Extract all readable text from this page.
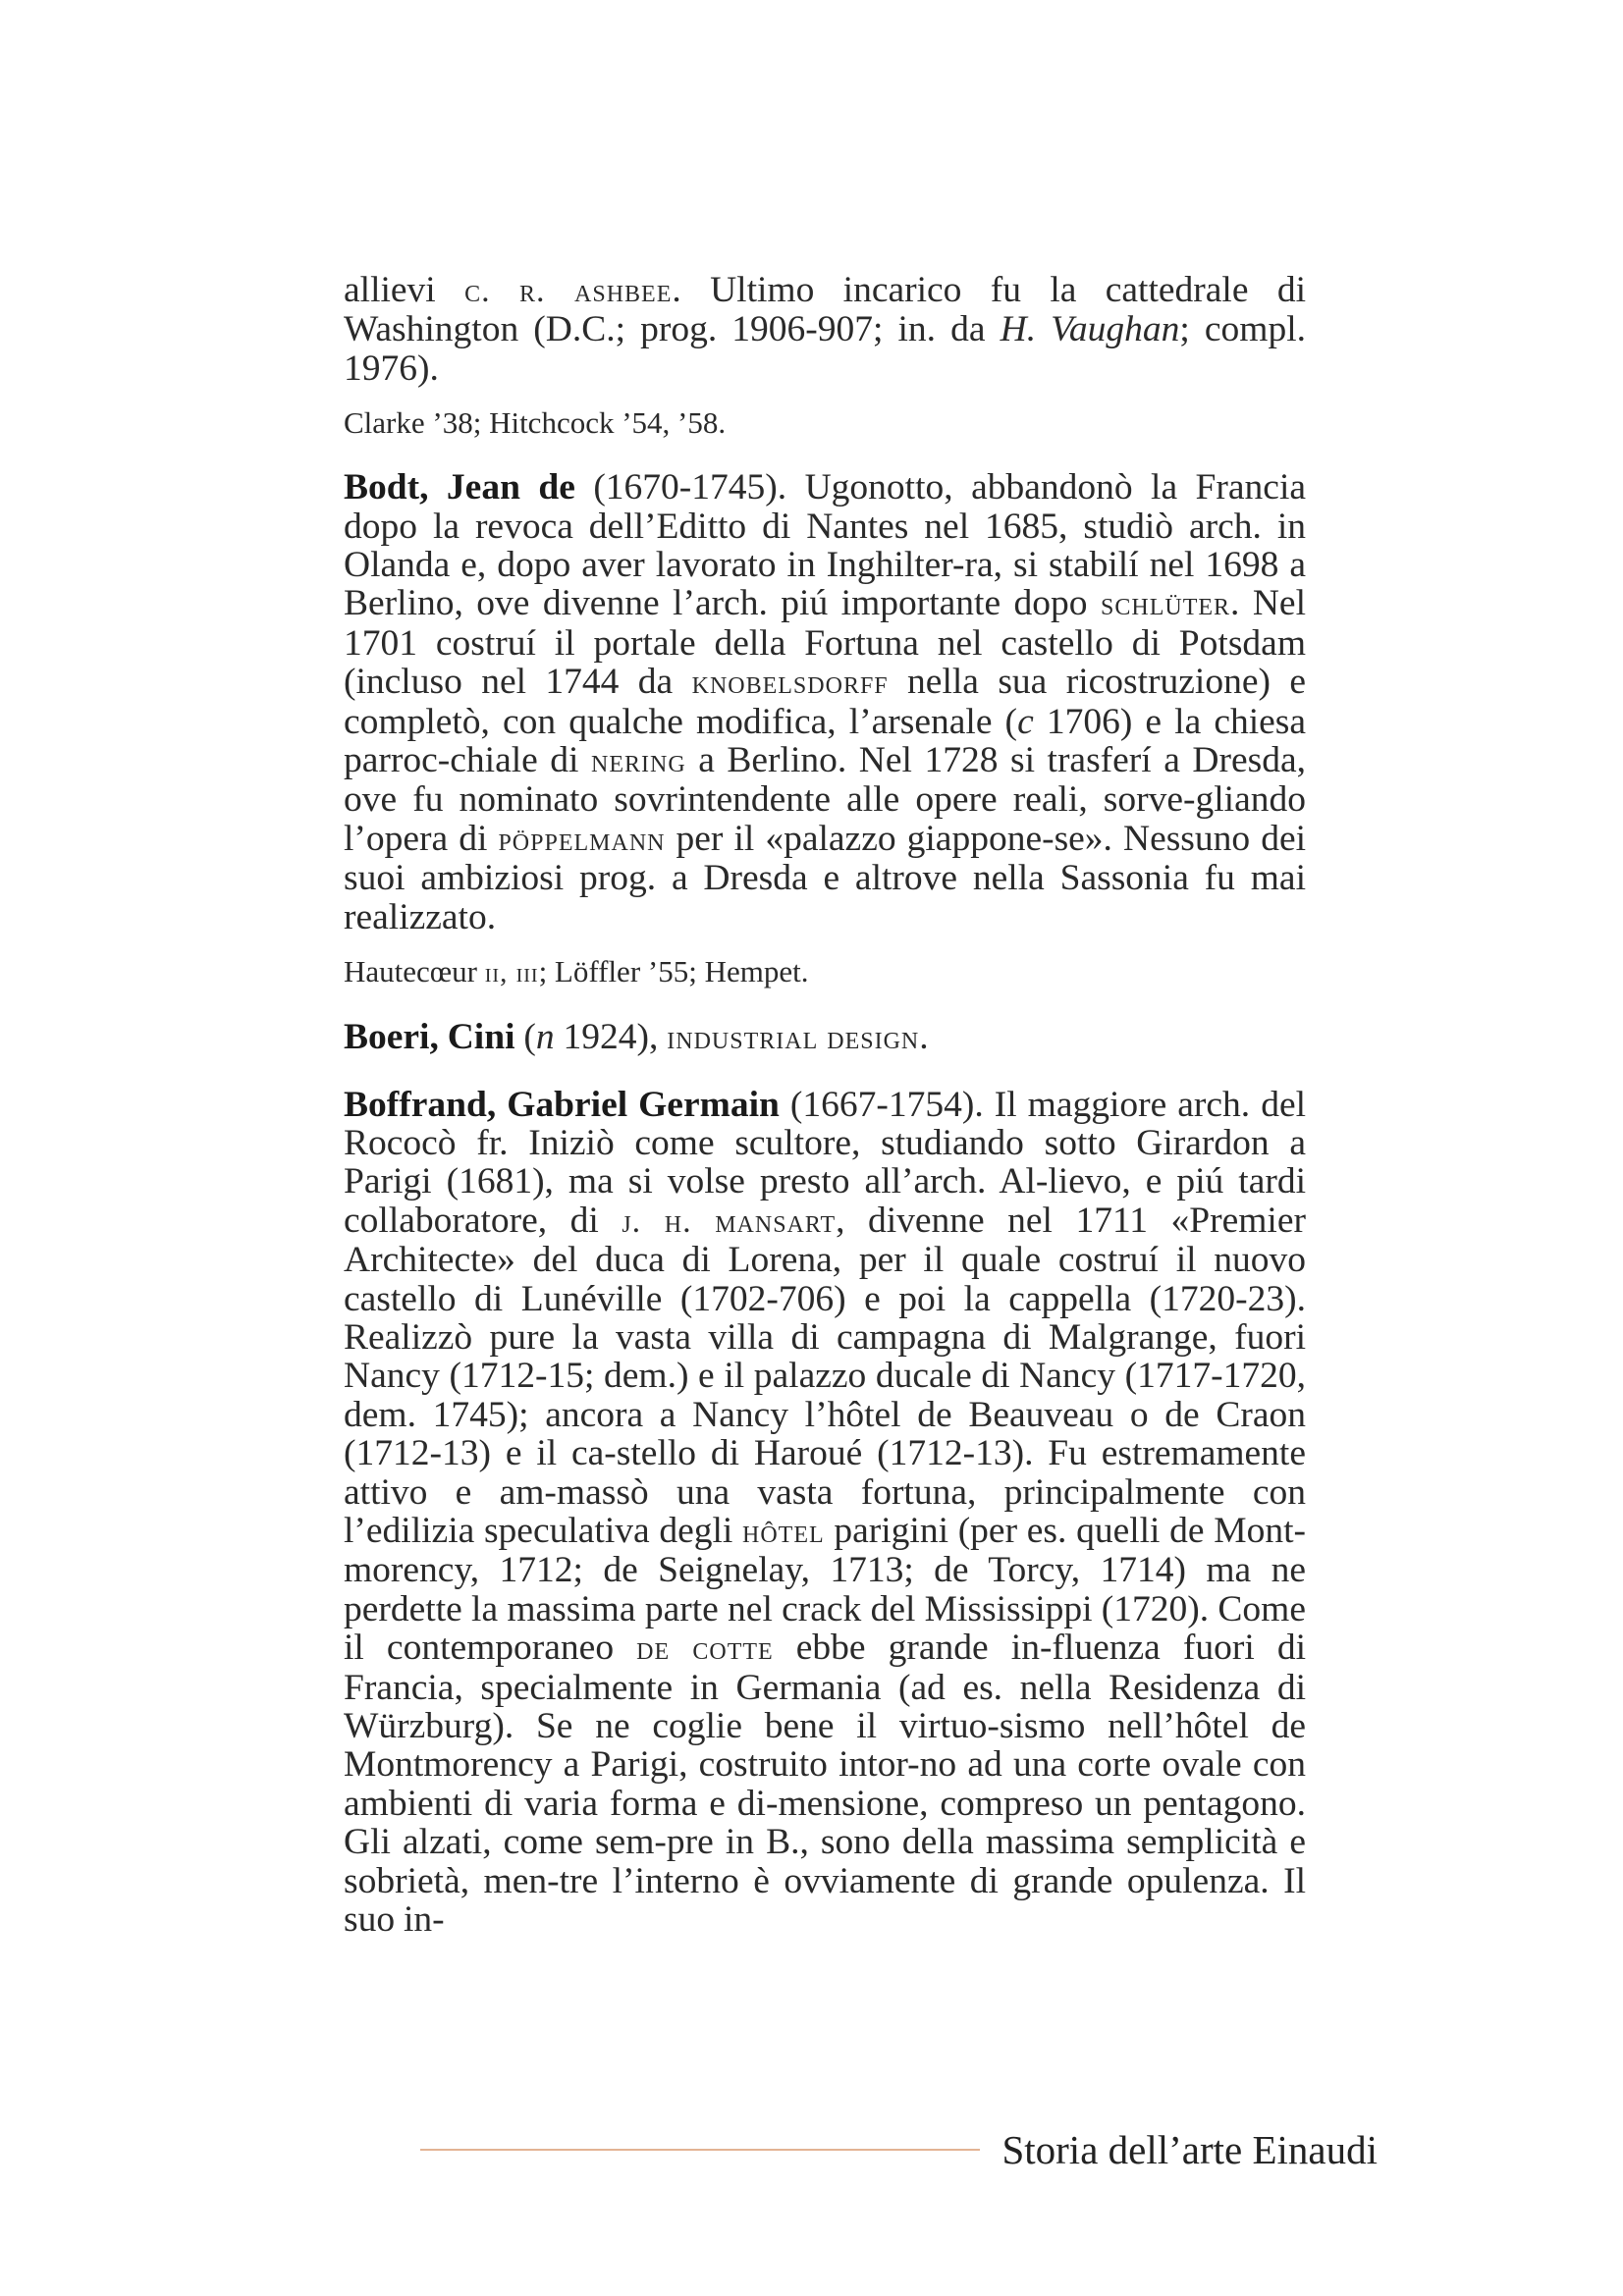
allievi c. r. ashbee. Ultimo incarico fu la cattedrale di Washington (D.C.; prog. 1906-907; in. da H. Vaughan; compl. 1976).

Clarke ’38; Hitchcock ’54, ’58.

Bodt, Jean de (1670-1745). Ugonotto, abbandonò la Francia dopo la revoca dell’Editto di Nantes nel 1685, studiò arch. in Olanda e, dopo aver lavorato in Inghilter-ra, si stabilí nel 1698 a Berlino, ove divenne l’arch. piú importante dopo schlüter. Nel 1701 costruí il portale della Fortuna nel castello di Potsdam (incluso nel 1744 da knobelsdorff nella sua ricostruzione) e completò, con qualche modifica, l’arsenale (c 1706) e la chiesa parroc-chiale di nering a Berlino. Nel 1728 si trasferí a Dresda, ove fu nominato sovrintendente alle opere reali, sorve-gliando l’opera di pöppelmann per il «palazzo giappone-se». Nessuno dei suoi ambiziosi prog. a Dresda e altrove nella Sassonia fu mai realizzato.

Hautecœur ii, iii; Löffler ’55; Hempet.

Boeri, Cini (n 1924), industrial design.

Boffrand, Gabriel Germain (1667-1754). Il maggiore arch. del Rococò fr. Iniziò come scultore, studiando sotto Girardon a Parigi (1681), ma si volse presto all’arch. Al-lievo, e piú tardi collaboratore, di j. h. mansart, divenne nel 1711 «Premier Architecte» del duca di Lorena, per il quale costruí il nuovo castello di Lunéville (1702-706) e poi la cappella (1720-23). Realizzò pure la vasta villa di campagna di Malgrange, fuori Nancy (1712-15; dem.) e il palazzo ducale di Nancy (1717-1720, dem. 1745); ancora a Nancy l’hôtel de Beauveau o de Craon (1712-13) e il ca-stello di Haroué (1712-13). Fu estremamente attivo e am-massò una vasta fortuna, principalmente con l’edilizia speculativa degli hôtel parigini (per es. quelli de Mont-morency, 1712; de Seignelay, 1713; de Torcy, 1714) ma ne perdette la massima parte nel crack del Mississippi (1720). Come il contemporaneo de cotte ebbe grande in-fluenza fuori di Francia, specialmente in Germania (ad es. nella Residenza di Würzburg). Se ne coglie bene il virtuo-sismo nell’hôtel de Montmorency a Parigi, costruito intor-no ad una corte ovale con ambienti di varia forma e di-mensione, compreso un pentagono. Gli alzati, come sem-pre in B., sono della massima semplicità e sobrietà, men-tre l’interno è ovviamente di grande opulenza. Il suo in-

Storia dell’arte Einaudi
